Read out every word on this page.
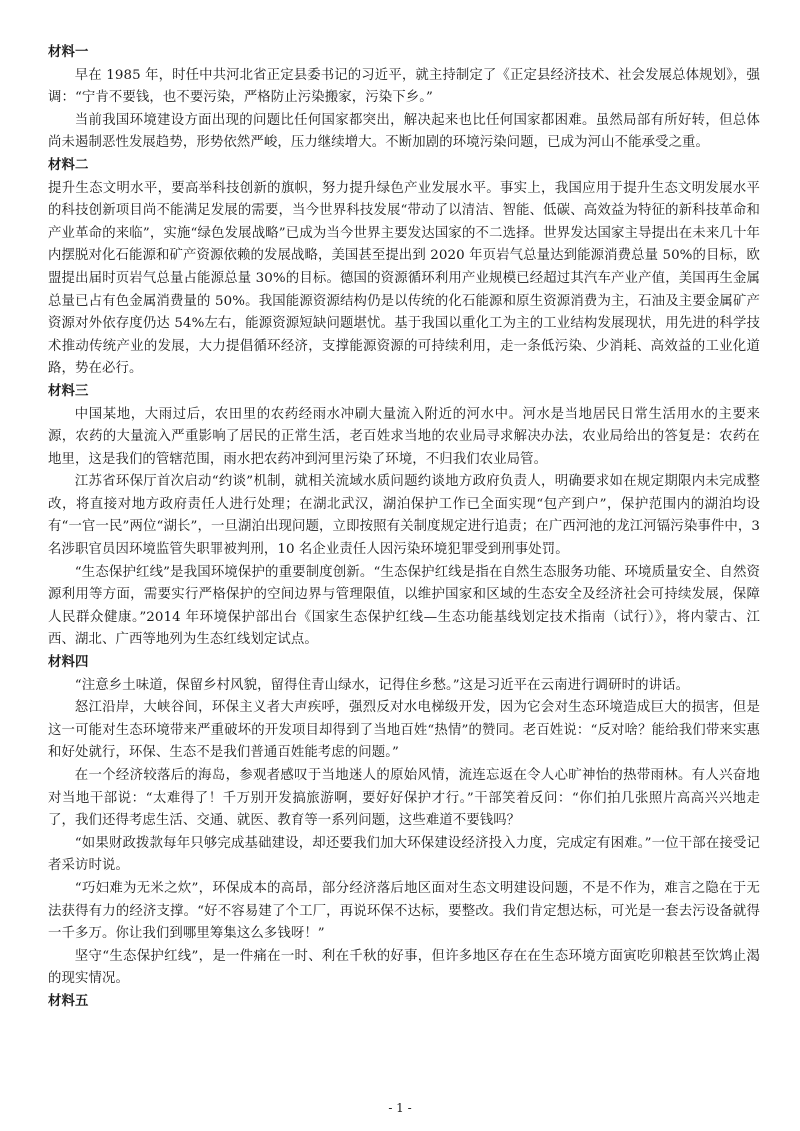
材料一

早在 1985 年，时任中共河北省正定县委书记的习近平，就主持制定了《正定县经济技术、社会发展总体规划》，强调：“宁肯不要钱，也不要污染，严格防止污染搬家，污染下乡。”

当前我国环境建设方面出现的问题比任何国家都突出，解决起来也比任何国家都困难。虽然局部有所好转，但总体尚未遏制恶性发展趋势，形势依然严峻，压力继续增大。不断加剧的环境污染问题，已成为河山不能承受之重。

材料二

提升生态文明水平，要高举科技创新的旗帜，努力提升绿色产业发展水平。事实上，我国应用于提升生态文明发展水平的科技创新项目尚不能满足发展的需要，当今世界科技发展“带动了以清洁、智能、低碳、高效益为特征的新科技革命和产业革命的来临”，实施“绿色发展战略”已成为当今世界主要发达国家的不二选择。世界发达国家主导提出在未来几十年内摆脱对化石能源和矿产资源依赖的发展战略，美国甚至提出到 2020 年页岩气总量达到能源消费总量 50%的目标，欧盟提出届时页岩气总量占能源总量 30%的目标。德国的资源循环利用产业规模已经超过其汽车产业产值，美国再生金属总量已占有色金属消费量的 50%。我国能源资源结构仍是以传统的化石能源和原生资源消费为主，石油及主要金属矿产资源对外依存度仍达 54%左右，能源资源短缺问题堪忧。基于我国以重化工为主的工业结构发展现状，用先进的科学技术推动传统产业的发展，大力提倡循环经济，支撑能源资源的可持续利用，走一条低污染、少消耗、高效益的工业化道路，势在必行。

材料三

中国某地，大雨过后，农田里的农药经雨水冲刷大量流入附近的河水中。河水是当地居民日常生活用水的主要来源，农药的大量流入严重影响了居民的正常生活，老百姓求当地的农业局寻求解决办法，农业局给出的答复是：农药在地里，这是我们的管辖范围，雨水把农药冲到河里污染了环境，不归我们农业局管。

江苏省环保厅首次启动“约谈”机制，就相关流域水质问题约谈地方政府负责人，明确要求如在规定期限内未完成整改，将直接对地方政府责任人进行处理；在湖北武汉，湖泊保护工作已全面实现“包产到户”，保护范围内的湖泊均设有“一官一民”两位“湖长”，一旦湖泊出现问题，立即按照有关制度规定进行追责；在广西河池的龙江河镉污染事件中，3 名涉职官员因环境监管失职罪被判刑，10 名企业责任人因污染环境犯罪受到刑事处罚。

“生态保护红线”是我国环境保护的重要制度创新。“生态保护红线是指在自然生态服务功能、环境质量安全、自然资源利用等方面，需要实行严格保护的空间边界与管理限值，以维护国家和区域的生态安全及经济社会可持续发展，保障人民群众健康。”2014 年环境保护部出台《国家生态保护红线—生态功能基线划定技术指南（试行）》，将内蒙古、江西、湖北、广西等地列为生态红线划定试点。

材料四

“注意乡土味道，保留乡村风貌，留得住青山绿水，记得住乡愁。”这是习近平在云南进行调研时的讲话。

怒江沿岸，大峡谷间，环保主义者大声疾呼，强烈反对水电梯级开发，因为它会对生态环境造成巨大的损害，但是这一可能对生态环境带来严重破坏的开发项目却得到了当地百姓“热情”的赞同。老百姓说：“反对啥？能给我们带来实惠和好处就行，环保、生态不是我们普通百姓能考虑的问题。”

在一个经济较落后的海岛，参观者感叹于当地迷人的原始风情，流连忘返在令人心旷神怡的热带雨林。有人兴奋地对当地干部说：“太难得了！千万别开发搞旅游啊，要好好保护才行。”干部笑着反问：“你们拍几张照片高高兴兴地走了，我们还得考虑生活、交通、就医、教育等一系列问题，这些难道不要钱吗？

“如果财政拨款每年只够完成基础建设，却还要我们加大环保建设经济投入力度，完成定有困难。”一位干部在接受记者采访时说。

“巧妇难为无米之炊”，环保成本的高昂，部分经济落后地区面对生态文明建设问题，不是不作为，难言之隐在于无法获得有力的经济支撑。“好不容易建了个工厂，再说环保不达标，要整改。我们肯定想达标，可光是一套去污设备就得一千多万。你让我们到哪里筹集这么多钱呀！”

坚守“生态保护红线”，是一件痛在一时、利在千秋的好事，但许多地区存在在生态环境方面寅吃卯粮甚至饮鸩止渴的现实情况。

材料五

- 1 -
